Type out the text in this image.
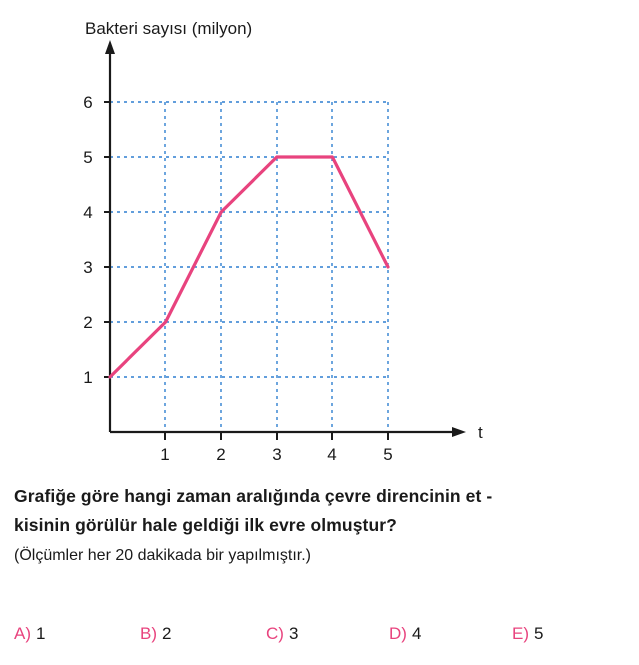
Bakteri sayısı (milyon)
t
1
2
3
4
5
6
1	2	3	4	5
Grafiğe göre hangi zaman aralığında çevre direncinin et -
kisinin görülür hale geldiği ilk evre olmuştur?
(Ölçümler her 20 dakikada bir yapılmıştır.)
A) 1	B) 2	C) 3	D) 4	E) 5
